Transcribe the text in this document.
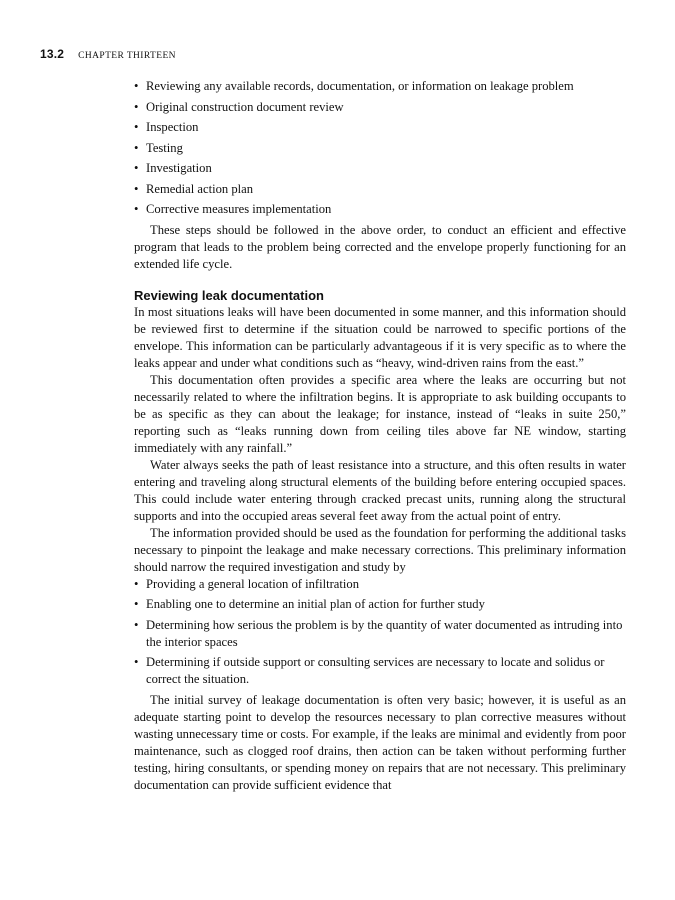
13.2 CHAPTER THIRTEEN
• Reviewing any available records, documentation, or information on leakage problem
• Original construction document review
• Inspection
• Testing
• Investigation
• Remedial action plan
• Corrective measures implementation

These steps should be followed in the above order, to conduct an efficient and effective program that leads to the problem being corrected and the envelope properly functioning for an extended life cycle.

Reviewing leak documentation

In most situations leaks will have been documented in some manner, and this information should be reviewed first to determine if the situation could be narrowed to specific portions of the envelope. This information can be particularly advantageous if it is very specific as to where the leaks appear and under what conditions such as “heavy, wind-driven rains from the east.”

This documentation often provides a specific area where the leaks are occurring but not necessarily related to where the infiltration begins. It is appropriate to ask building occupants to be as specific as they can about the leakage; for instance, instead of “leaks in suite 250,” reporting such as “leaks running down from ceiling tiles above far NE window, starting immediately with any rainfall.”

Water always seeks the path of least resistance into a structure, and this often results in water entering and traveling along structural elements of the building before entering occupied spaces. This could include water entering through cracked precast units, running along the structural supports and into the occupied areas several feet away from the actual point of entry.

The information provided should be used as the foundation for performing the additional tasks necessary to pinpoint the leakage and make necessary corrections. This preliminary information should narrow the required investigation and study by

• Providing a general location of infiltration
• Enabling one to determine an initial plan of action for further study
• Determining how serious the problem is by the quantity of water documented as intruding into the interior spaces
• Determining if outside support or consulting services are necessary to locate and solidus or correct the situation.

The initial survey of leakage documentation is often very basic; however, it is useful as an adequate starting point to develop the resources necessary to plan corrective measures without wasting unnecessary time or costs. For example, if the leaks are minimal and evidently from poor maintenance, such as clogged roof drains, then action can be taken without performing further testing, hiring consultants, or spending money on repairs that are not necessary. This preliminary documentation can provide sufficient evidence that
